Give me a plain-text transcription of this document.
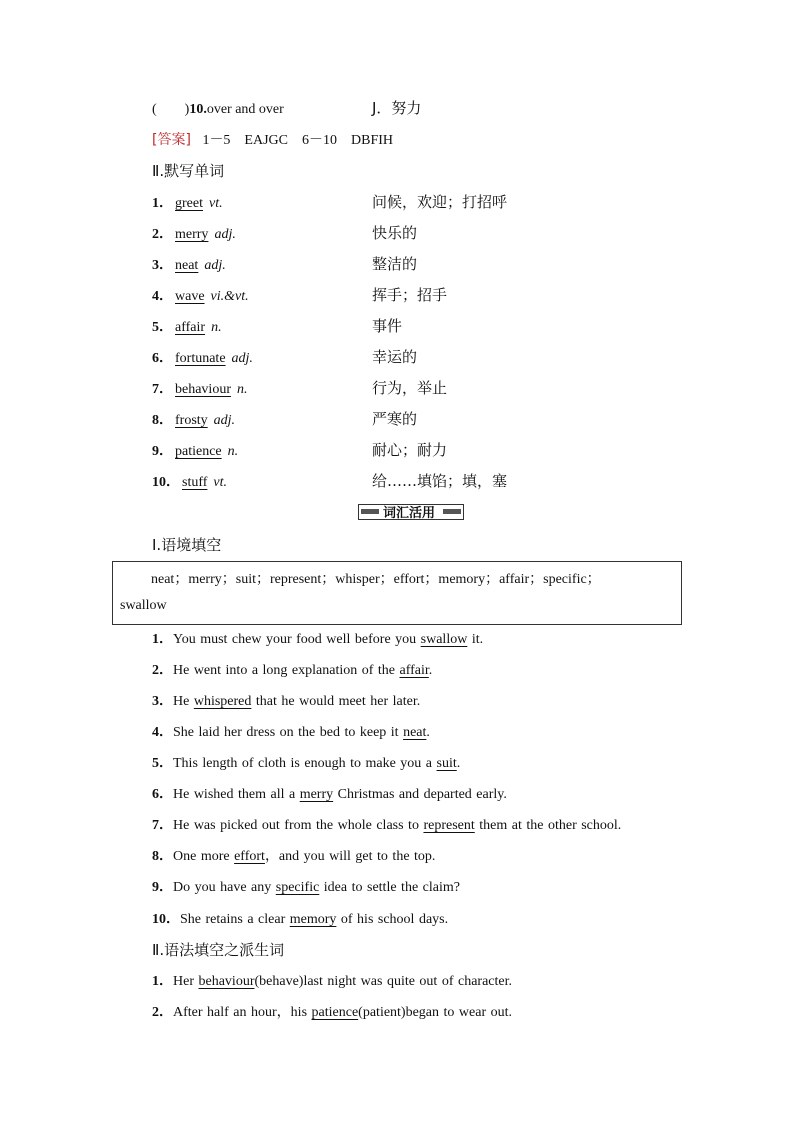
(　　)10.over and over	J．努力
[答案] 1－5　EAJGC　6－10　DBFIH
Ⅱ.默写单词
1． greet vt.	问候，欢迎；打招呼
2． merry adj.	快乐的
3． neat adj.	整洁的
4． wave vi.&vt.	挥手；招手
5． affair n.	事件
6． fortunate adj.	幸运的
7． behaviour n.	行为，举止
8． frosty adj.	严寒的
9． patience n.	耐心；耐力
10． stuff vt.	给……填馅；填，塞
词汇活用
Ⅰ.语境填空
neat；merry；suit；represent；whisper；effort；memory；affair；specific；
swallow
1．You must chew your food well before you swallow it.
2．He went into a long explanation of the affair.
3．He whispered that he would meet her later.
4．She laid her dress on the bed to keep it neat.
5．This length of cloth is enough to make you a suit.
6．He wished them all a merry Christmas and departed early.
7．He was picked out from the whole class to represent them at the other school.
8．One more effort，and you will get to the top.
9．Do you have any specific idea to settle the claim?
10．She retains a clear memory of his school days.
Ⅱ.语法填空之派生词
1．Her behaviour(behave)last night was quite out of character.
2．After half an hour，his patience(patient)began to wear out.
